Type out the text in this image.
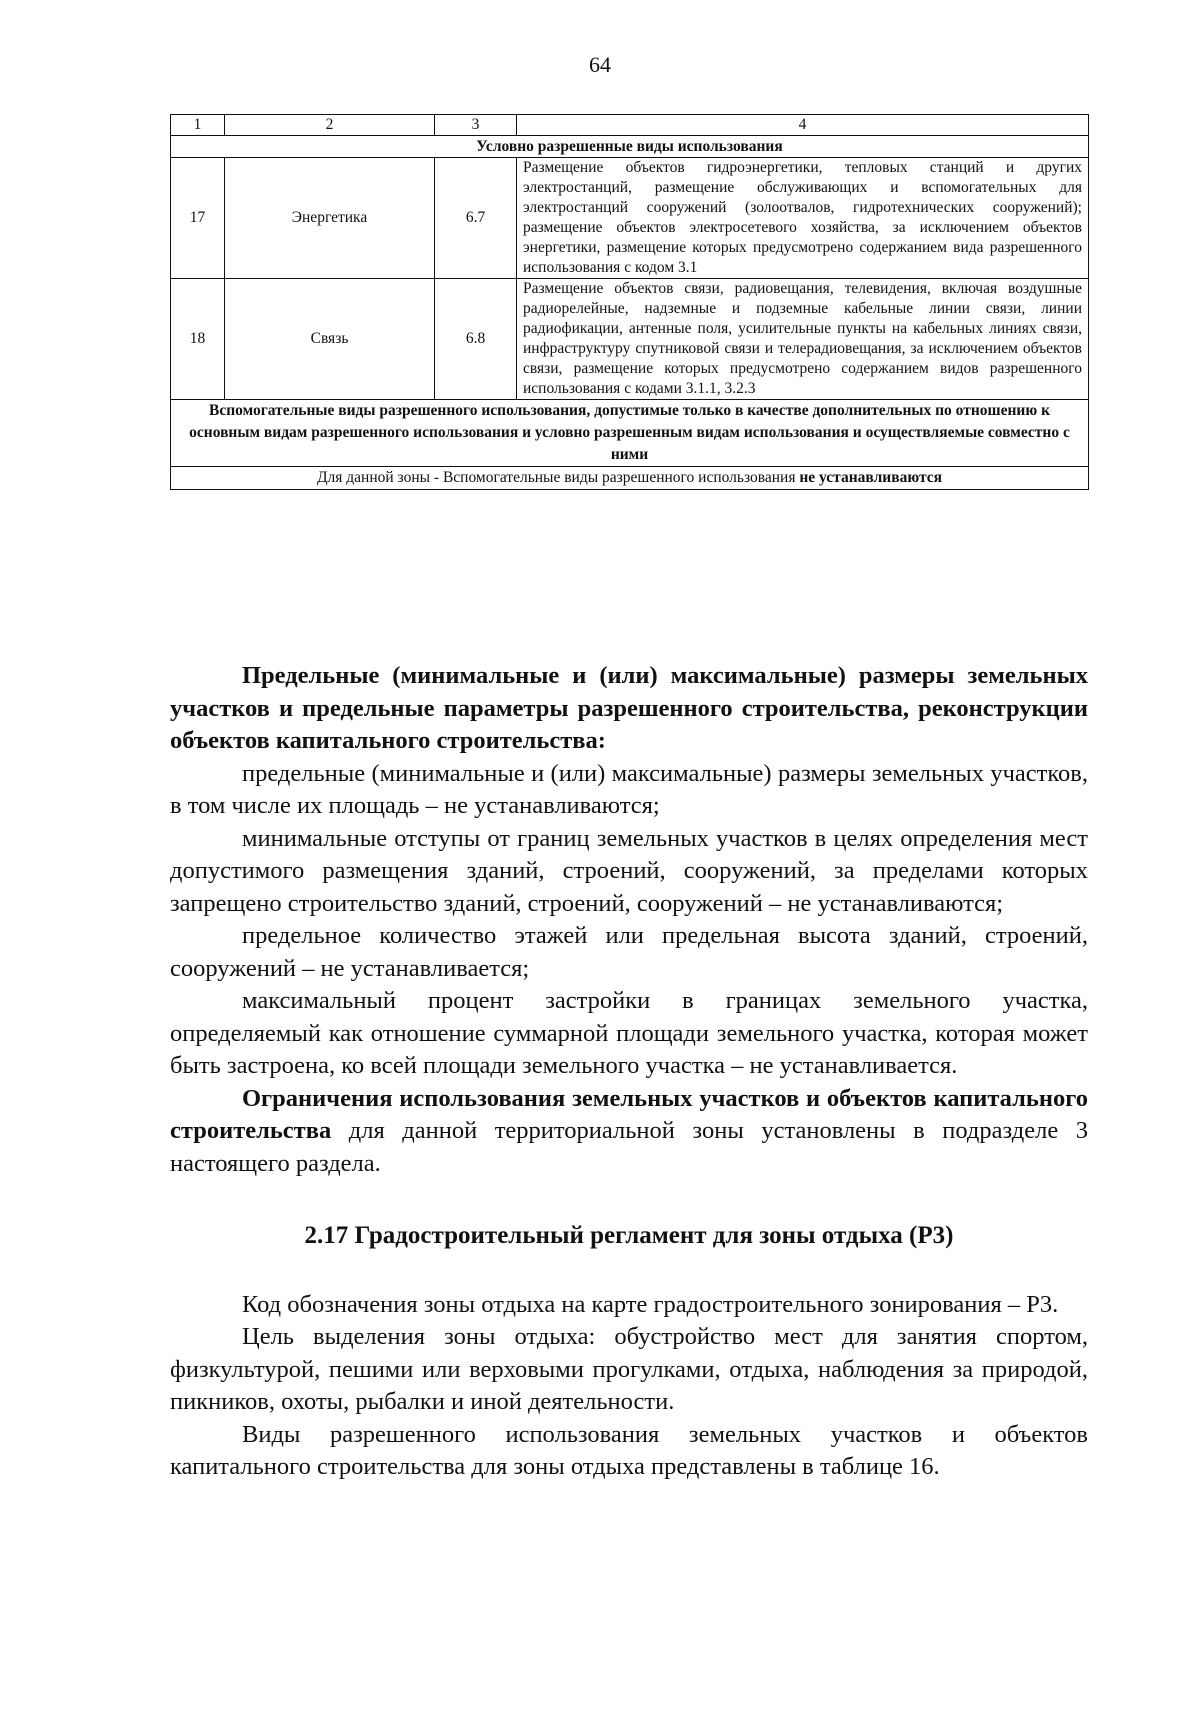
64
1	2	3	4
Условно разрешенные виды использования			
17	Энергетика	6.7	Размещение объектов гидроэнергетики, тепловых станций и других электростанций, размещение обслуживающих и вспомогательных для электростанций сооружений (золоотвалов, гидротехнических сооружений); размещение объектов электросетевого хозяйства, за исключением объектов энергетики, размещение которых предусмотрено содержанием вида разрешенного использования с кодом 3.1
18	Связь	6.8	Размещение объектов связи, радиовещания, телевидения, включая воздушные радиорелейные, надземные и подземные кабельные линии связи, линии радиофикации, антенные поля, усилительные пункты на кабельных линиях связи, инфраструктуру спутниковой связи и телерадиовещания, за исключением объектов связи, размещение которых предусмотрено содержанием видов разрешенного использования с кодами 3.1.1, 3.2.3
Вспомогательные виды разрешенного использования, допустимые только в качестве дополнительных по отношению к основным видам разрешенного использования и условно разрешенным видам использования и осуществляемые совместно с ними			
Для данной зоны - Вспомогательные виды разрешенного использования не устанавливаются			

Предельные (минимальные и (или) максимальные) размеры земельных участков и предельные параметры разрешенного строительства, реконструкции объектов капитального строительства:

предельные (минимальные и (или) максимальные) размеры земельных участков, в том числе их площадь – не устанавливаются;

минимальные отступы от границ земельных участков в целях определения мест допустимого размещения зданий, строений, сооружений, за пределами которых запрещено строительство зданий, строений, сооружений – не устанавливаются;

предельное количество этажей или предельная высота зданий, строений, сооружений – не устанавливается;

максимальный процент застройки в границах земельного участка, определяемый как отношение суммарной площади земельного участка, которая может быть застроена, ко всей площади земельного участка – не устанавливается.

Ограничения использования земельных участков и объектов капитального строительства для данной территориальной зоны установлены в подразделе 3 настоящего раздела.

2.17 Градостроительный регламент для зоны отдыха (Р3)

Код обозначения зоны отдыха на карте градостроительного зонирования – Р3.

Цель выделения зоны отдыха: обустройство мест для занятия спортом, физкультурой, пешими или верховыми прогулками, отдыха, наблюдения за природой, пикников, охоты, рыбалки и иной деятельности.

Виды разрешенного использования земельных участков и объектов капитального строительства для зоны отдыха представлены в таблице 16.
